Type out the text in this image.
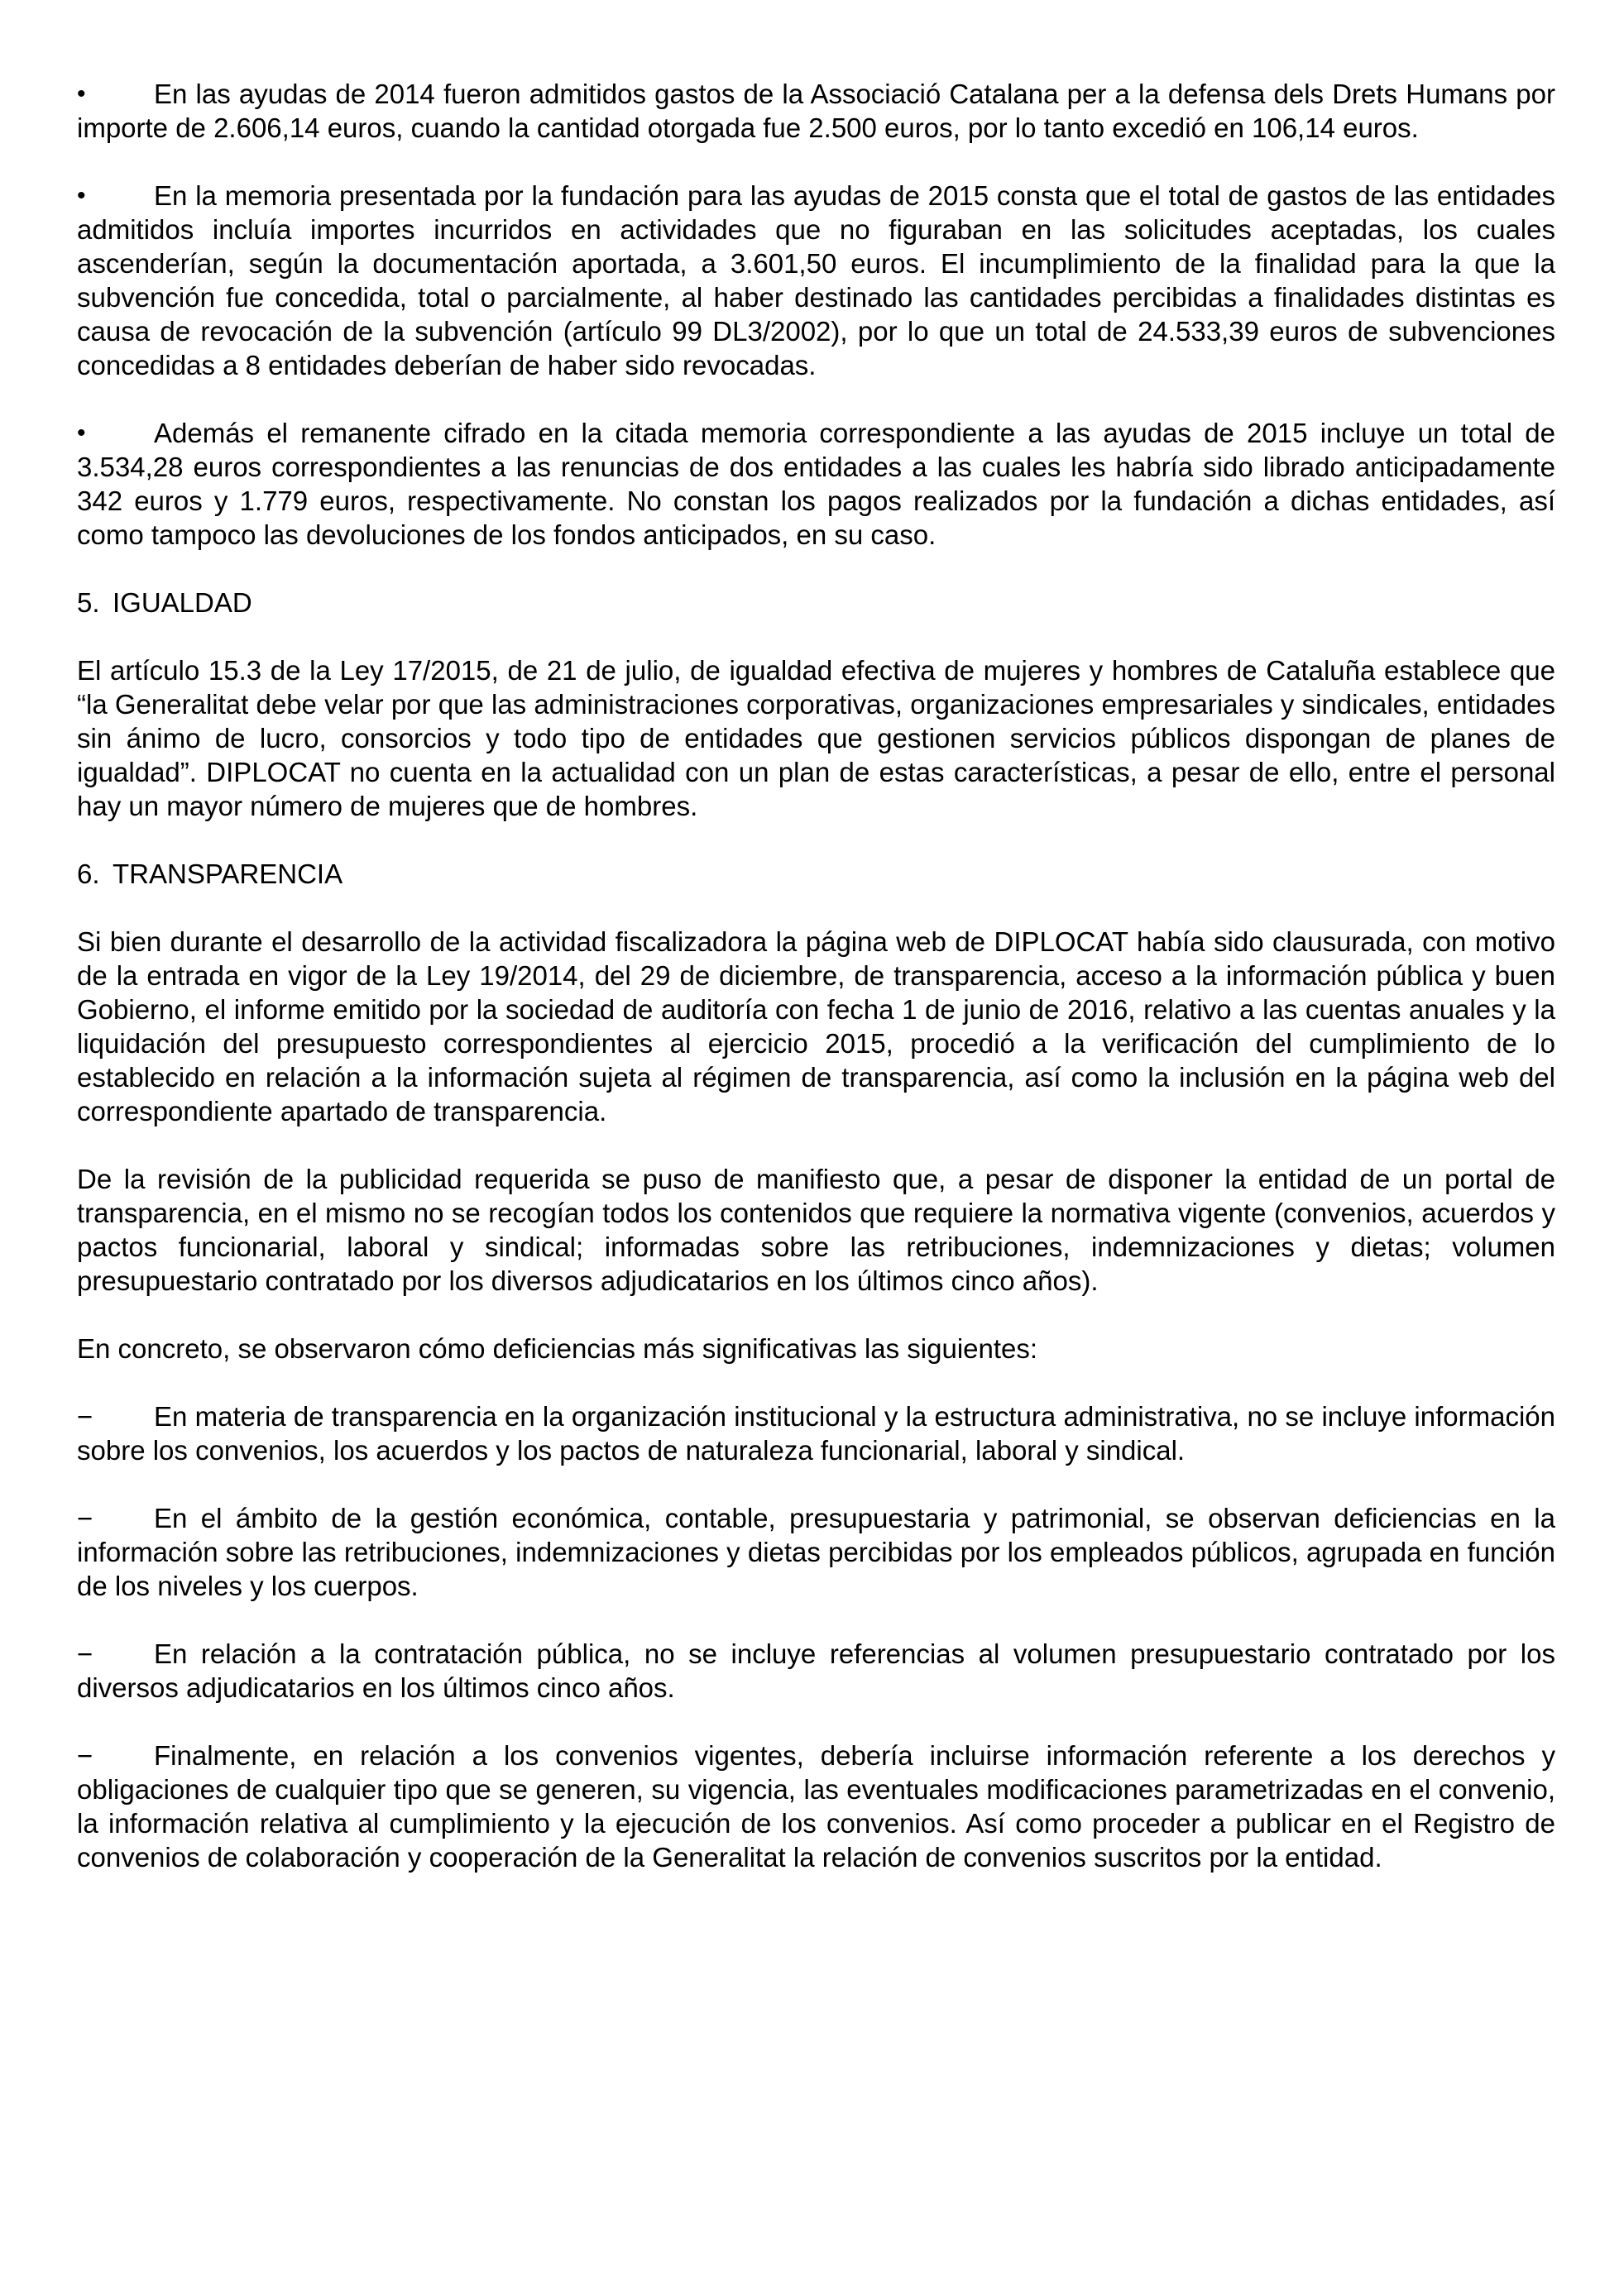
• En las ayudas de 2014 fueron admitidos gastos de la Associació Catalana per a la defensa dels Drets Humans por importe de 2.606,14 euros, cuando la cantidad otorgada fue 2.500 euros, por lo tanto excedió en 106,14 euros.

• En la memoria presentada por la fundación para las ayudas de 2015 consta que el total de gastos de las entidades admitidos incluía importes incurridos en actividades que no figuraban en las solicitudes aceptadas, los cuales ascenderían, según la documentación aportada, a 3.601,50 euros. El incumplimiento de la finalidad para la que la subvención fue concedida, total o parcialmente, al haber destinado las cantidades percibidas a finalidades distintas es causa de revocación de la subvención (artículo 99 DL3/2002), por lo que un total de 24.533,39 euros de subvenciones concedidas a 8 entidades deberían de haber sido revocadas.

• Además el remanente cifrado en la citada memoria correspondiente a las ayudas de 2015 incluye un total de 3.534,28 euros correspondientes a las renuncias de dos entidades a las cuales les habría sido librado anticipadamente 342 euros y 1.779 euros, respectivamente. No constan los pagos realizados por la fundación a dichas entidades, así como tampoco las devoluciones de los fondos anticipados, en su caso.

5. IGUALDAD

El artículo 15.3 de la Ley 17/2015, de 21 de julio, de igualdad efectiva de mujeres y hombres de Cataluña establece que “la Generalitat debe velar por que las administraciones corporativas, organizaciones empresariales y sindicales, entidades sin ánimo de lucro, consorcios y todo tipo de entidades que gestionen servicios públicos dispongan de planes de igualdad”. DIPLOCAT no cuenta en la actualidad con un plan de estas características, a pesar de ello, entre el personal hay un mayor número de mujeres que de hombres.

6. TRANSPARENCIA

Si bien durante el desarrollo de la actividad fiscalizadora la página web de DIPLOCAT había sido clausurada, con motivo de la entrada en vigor de la Ley 19/2014, del 29 de diciembre, de transparencia, acceso a la información pública y buen Gobierno, el informe emitido por la sociedad de auditoría con fecha 1 de junio de 2016, relativo a las cuentas anuales y la liquidación del presupuesto correspondientes al ejercicio 2015, procedió a la verificación del cumplimiento de lo establecido en relación a la información sujeta al régimen de transparencia, así como la inclusión en la página web del correspondiente apartado de transparencia.

De la revisión de la publicidad requerida se puso de manifiesto que, a pesar de disponer la entidad de un portal de transparencia, en el mismo no se recogían todos los contenidos que requiere la normativa vigente (convenios, acuerdos y pactos funcionarial, laboral y sindical; informadas sobre las retribuciones, indemnizaciones y dietas; volumen presupuestario contratado por los diversos adjudicatarios en los últimos cinco años).

En concreto, se observaron cómo deficiencias más significativas las siguientes:

− En materia de transparencia en la organización institucional y la estructura administrativa, no se incluye información sobre los convenios, los acuerdos y los pactos de naturaleza funcionarial, laboral y sindical.

− En el ámbito de la gestión económica, contable, presupuestaria y patrimonial, se observan deficiencias en la información sobre las retribuciones, indemnizaciones y dietas percibidas por los empleados públicos, agrupada en función de los niveles y los cuerpos.

− En relación a la contratación pública, no se incluye referencias al volumen presupuestario contratado por los diversos adjudicatarios en los últimos cinco años.

− Finalmente, en relación a los convenios vigentes, debería incluirse información referente a los derechos y obligaciones de cualquier tipo que se generen, su vigencia, las eventuales modificaciones parametrizadas en el convenio, la información relativa al cumplimiento y la ejecución de los convenios. Así como proceder a publicar en el Registro de convenios de colaboración y cooperación de la Generalitat la relación de convenios suscritos por la entidad.
